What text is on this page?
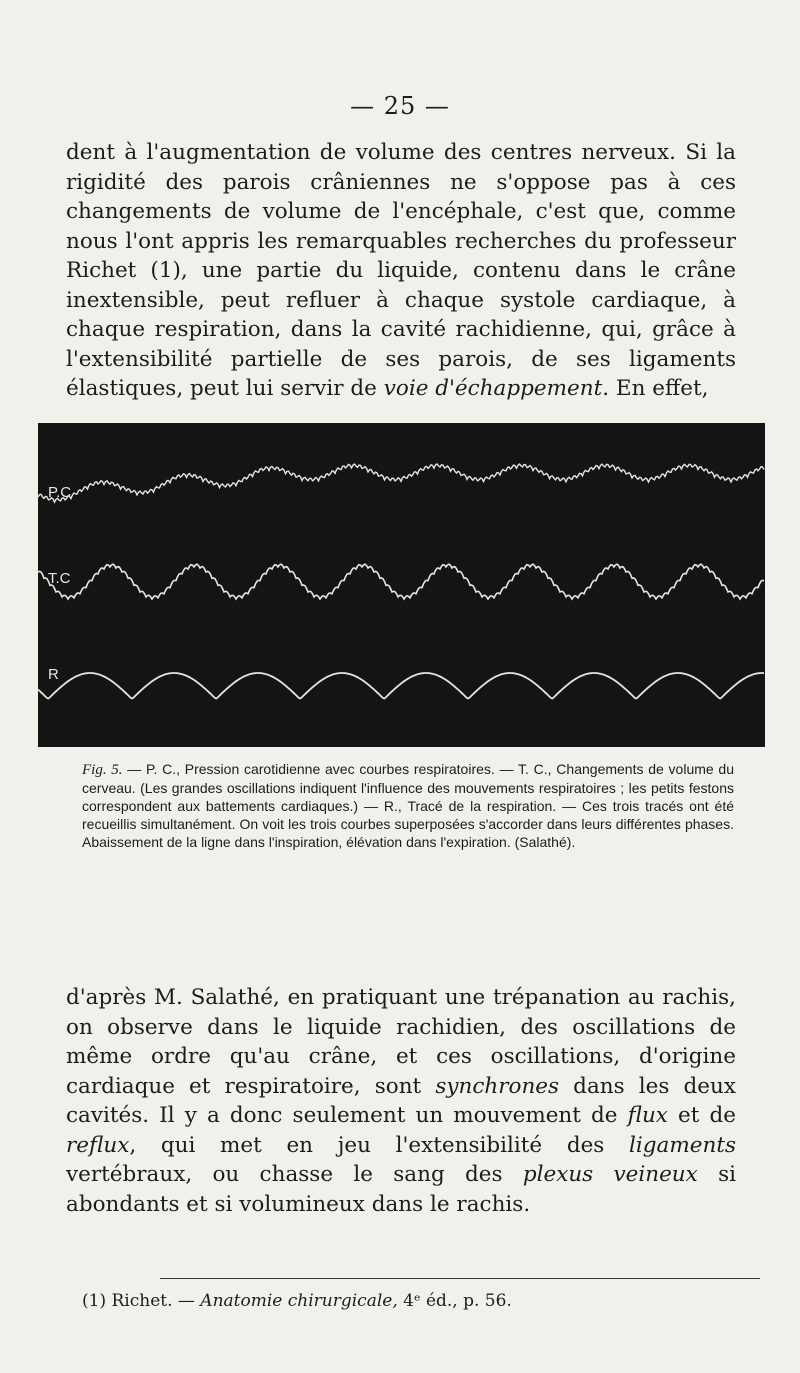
— 25 —

dent à l'augmentation de volume des centres nerveux. Si la rigidité des parois crâniennes ne s'oppose pas à ces changements de volume de l'encéphale, c'est que, comme nous l'ont appris les remarquables recherches du professeur Richet (1), une partie du liquide, contenu dans le crâne inextensible, peut refluer à chaque systole cardiaque, à chaque respiration, dans la cavité rachidienne, qui, grâce à l'extensibilité partielle de ses parois, de ses ligaments élastiques, peut lui servir de voie d'échappement. En effet,

P.C
T.C
R

Fig. 5. — P. C., Pression carotidienne avec courbes respiratoires. — T. C., Changements de volume du cerveau. (Les grandes oscillations indiquent l'influence des mouvements respiratoires ; les petits festons correspondent aux battements cardiaques.) — R., Tracé de la respiration. — Ces trois tracés ont été recueillis simultanément. On voit les trois courbes superposées s'accorder dans leurs différentes phases. Abaissement de la ligne dans l'inspiration, élévation dans l'expiration. (Salathé).

d'après M. Salathé, en pratiquant une trépanation au rachis, on observe dans le liquide rachidien, des oscillations de même ordre qu'au crâne, et ces oscillations, d'origine cardiaque et respiratoire, sont synchrones dans les deux cavités. Il y a donc seulement un mouvement de flux et de reflux, qui met en jeu l'extensibilité des ligaments vertébraux, ou chasse le sang des plexus veineux si abondants et si volumineux dans le rachis.

(1) Richet. — Anatomie chirurgicale, 4ᵉ éd., p. 56.
